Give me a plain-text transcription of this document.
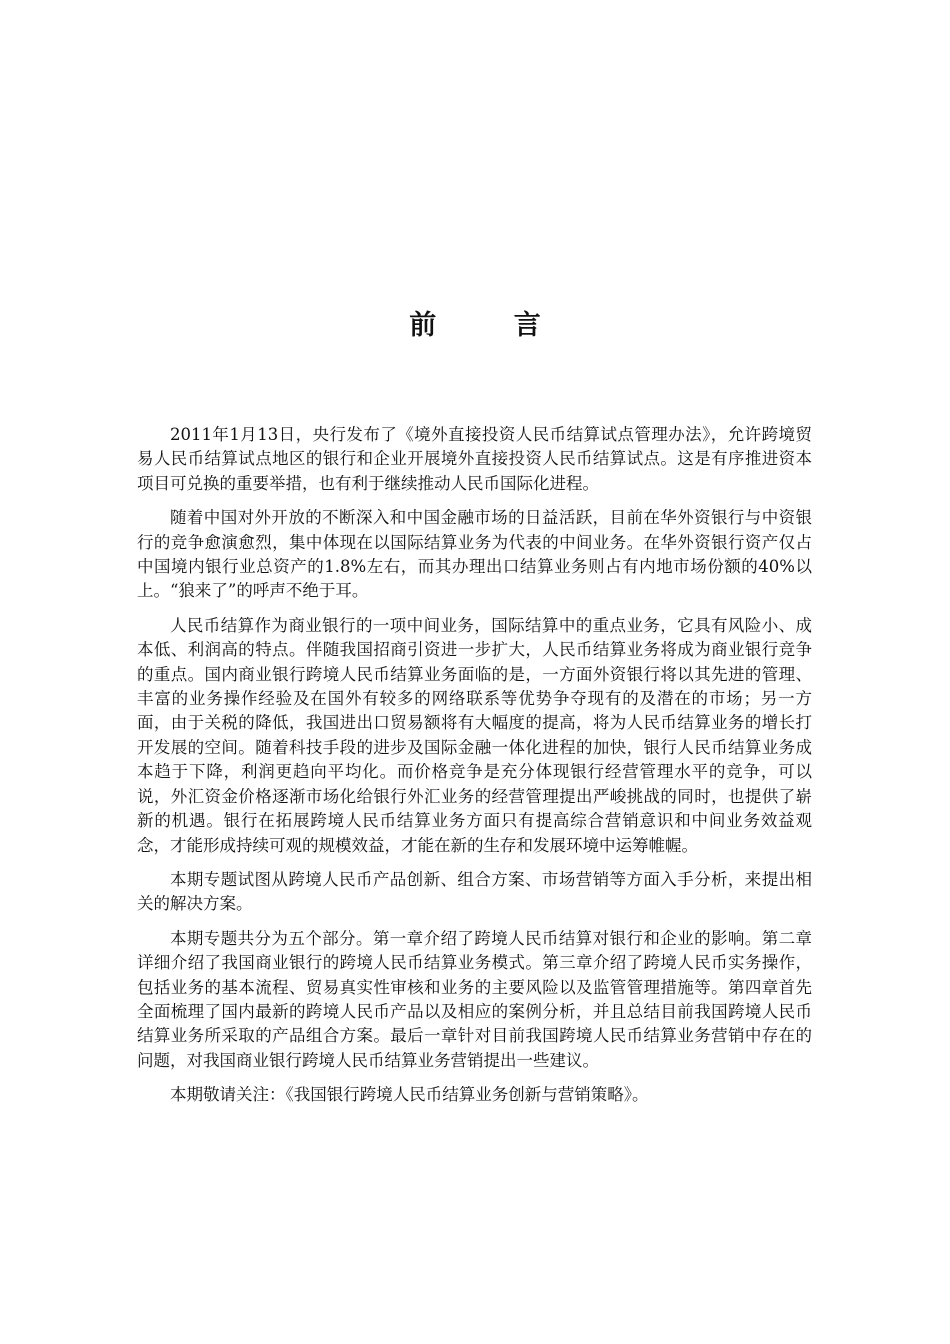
前 言

2011年1月13日，央行发布了《境外直接投资人民币结算试点管理办法》，允许跨境贸易人民币结算试点地区的银行和企业开展境外直接投资人民币结算试点。这是有序推进资本项目可兑换的重要举措，也有利于继续推动人民币国际化进程。

随着中国对外开放的不断深入和中国金融市场的日益活跃，目前在华外资银行与中资银行的竞争愈演愈烈，集中体现在以国际结算业务为代表的中间业务。在华外资银行资产仅占中国境内银行业总资产的1.8%左右，而其办理出口结算业务则占有内地市场份额的40%以上。“狼来了”的呼声不绝于耳。

人民币结算作为商业银行的一项中间业务，国际结算中的重点业务，它具有风险小、成本低、利润高的特点。伴随我国招商引资进一步扩大，人民币结算业务将成为商业银行竞争的重点。国内商业银行跨境人民币结算业务面临的是，一方面外资银行将以其先进的管理、丰富的业务操作经验及在国外有较多的网络联系等优势争夺现有的及潜在的市场；另一方面，由于关税的降低，我国进出口贸易额将有大幅度的提高，将为人民币结算业务的增长打开发展的空间。随着科技手段的进步及国际金融一体化进程的加快，银行人民币结算业务成本趋于下降，利润更趋向平均化。而价格竞争是充分体现银行经营管理水平的竞争，可以说，外汇资金价格逐渐市场化给银行外汇业务的经营管理提出严峻挑战的同时，也提供了崭新的机遇。银行在拓展跨境人民币结算业务方面只有提高综合营销意识和中间业务效益观念，才能形成持续可观的规模效益，才能在新的生存和发展环境中运筹帷幄。

本期专题试图从跨境人民币产品创新、组合方案、市场营销等方面入手分析，来提出相关的解决方案。

本期专题共分为五个部分。第一章介绍了跨境人民币结算对银行和企业的影响。第二章详细介绍了我国商业银行的跨境人民币结算业务模式。第三章介绍了跨境人民币实务操作，包括业务的基本流程、贸易真实性审核和业务的主要风险以及监管管理措施等。第四章首先全面梳理了国内最新的跨境人民币产品以及相应的案例分析，并且总结目前我国跨境人民币结算业务所采取的产品组合方案。最后一章针对目前我国跨境人民币结算业务营销中存在的问题，对我国商业银行跨境人民币结算业务营销提出一些建议。

本期敬请关注：《我国银行跨境人民币结算业务创新与营销策略》。
